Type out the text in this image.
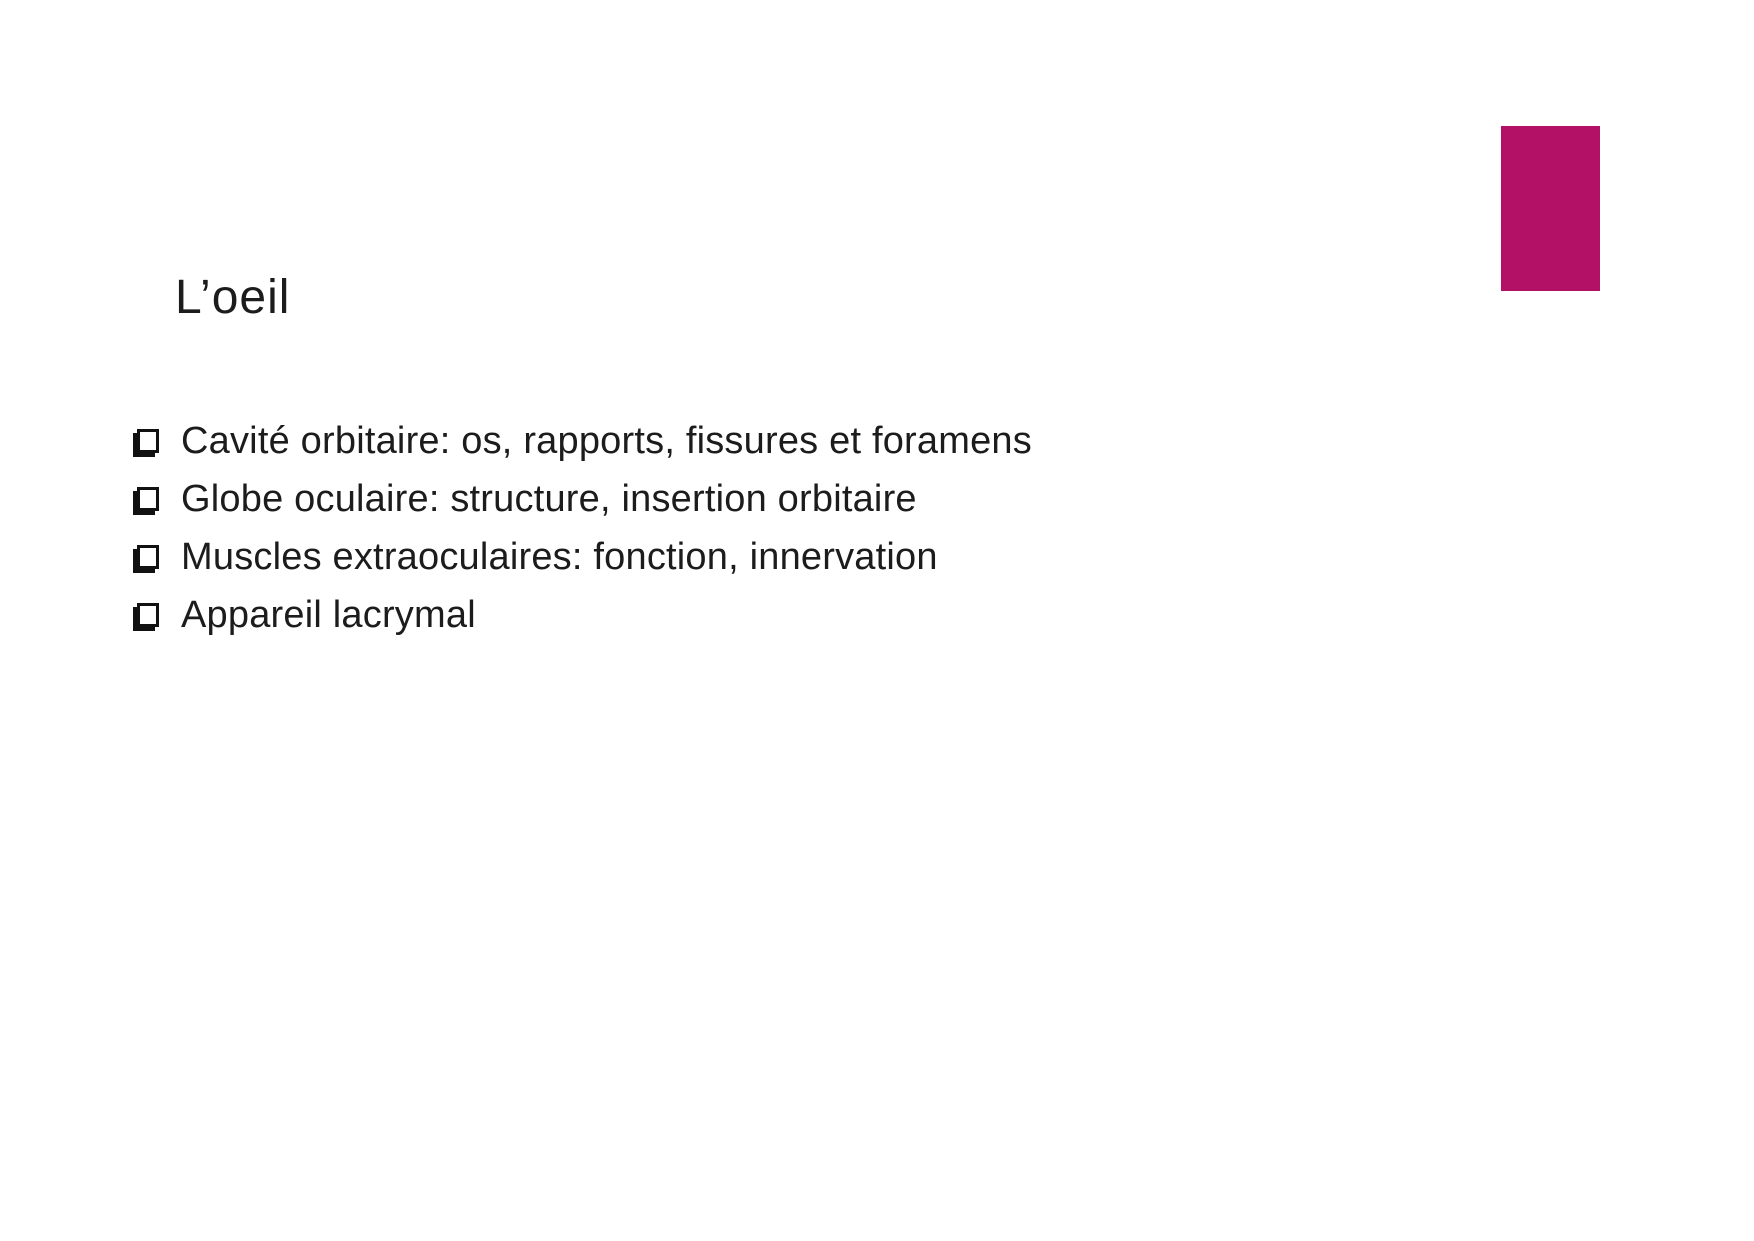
L’oeil
Cavité orbitaire: os, rapports, fissures et foramens
Globe oculaire: structure, insertion orbitaire
Muscles extraoculaires: fonction, innervation
Appareil lacrymal
